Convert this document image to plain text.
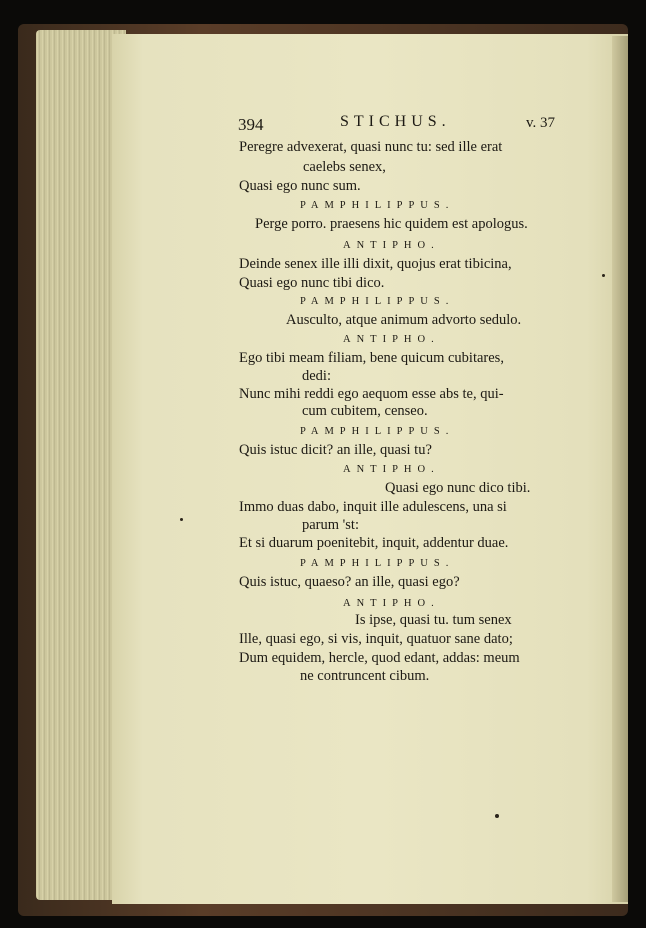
394	STICHUS.	v. 37
Peregre advexerat, quasi nunc tu: sed ille erat
caelebs senex,
Quasi ego nunc sum.
PAMPHILIPPUS.
Perge porro. praesens hic quidem est apologus.
ANTIPHO.
Deinde senex ille illi dixit, quojus erat tibicina,
Quasi ego nunc tibi dico.
PAMPHILIPPUS.
Ausculto, atque animum advorto sedulo.
ANTIPHO.
Ego tibi meam filiam, bene quicum cubitares,
dedi:
Nunc mihi reddi ego aequom esse abs te, qui-
cum cubitem, censeo.
PAMPHILIPPUS.
Quis istuc dicit? an ille, quasi tu?
ANTIPHO.
Quasi ego nunc dico tibi.
Immo duas dabo, inquit ille adulescens, una si
parum 'st:
Et si duarum poenitebit, inquit, addentur duae.
PAMPHILIPPUS.
Quis istuc, quaeso? an ille, quasi ego?
ANTIPHO.
Is ipse, quasi tu. tum senex
Ille, quasi ego, si vis, inquit, quatuor sane dato;
Dum equidem, hercle, quod edant, addas: meum
ne contruncent cibum.
